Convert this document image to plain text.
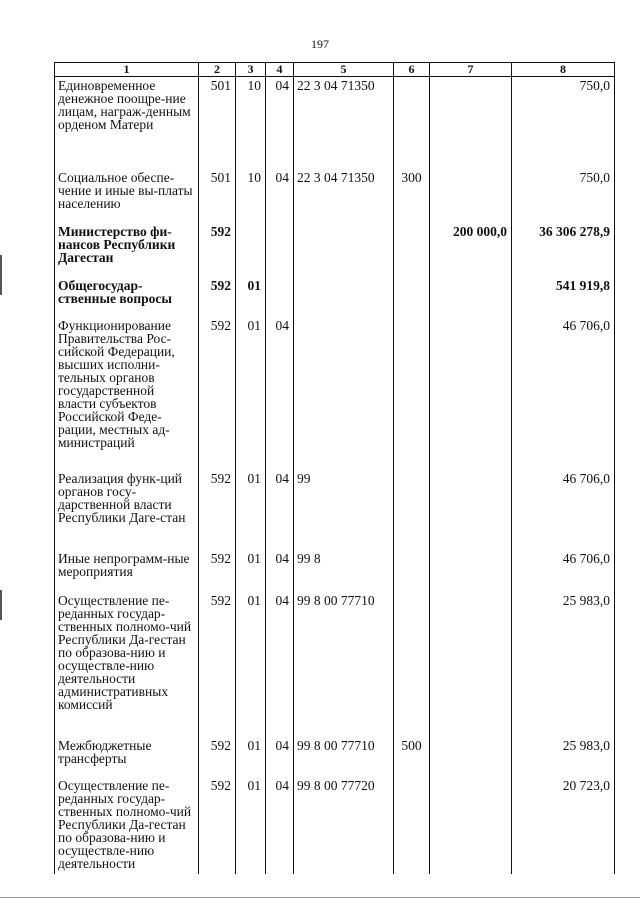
197
1	2	3	4	5	6	7	8
Единовременное денежное поощре-ние лицам, награж-денным орденом Матери	501	10	04	22 3 04 71350			750,0
Социальное обеспе-чение и иные вы-платы населению	501	10	04	22 3 04 71350	300		750,0
Министерство фи-нансов Республики Дагестан	592					200 000,0	36 306 278,9
Общегосудар-ственные вопросы	592	01					541 919,8
Функционирование Правительства Рос-сийской Федерации, высших исполни-тельных органов государственной власти субъектов Российской Феде-рации, местных ад-министраций	592	01	04				46 706,0
Реализация функ-ций органов госу-дарственной власти Республики Даге-стан	592	01	04	99			46 706,0
Иные непрограмм-ные мероприятия	592	01	04	99 8			46 706,0
Осуществление пе-реданных государ-ственных полномо-чий Республики Да-гестан по образова-нию и осуществле-нию деятельности административных комиссий	592	01	04	99 8 00 77710			25 983,0
Межбюджетные трансферты	592	01	04	99 8 00 77710	500		25 983,0
Осуществление пе-реданных государ-ственных полномо-чий Республики Да-гестан по образова-нию и осуществле-нию деятельности	592	01	04	99 8 00 77720			20 723,0
